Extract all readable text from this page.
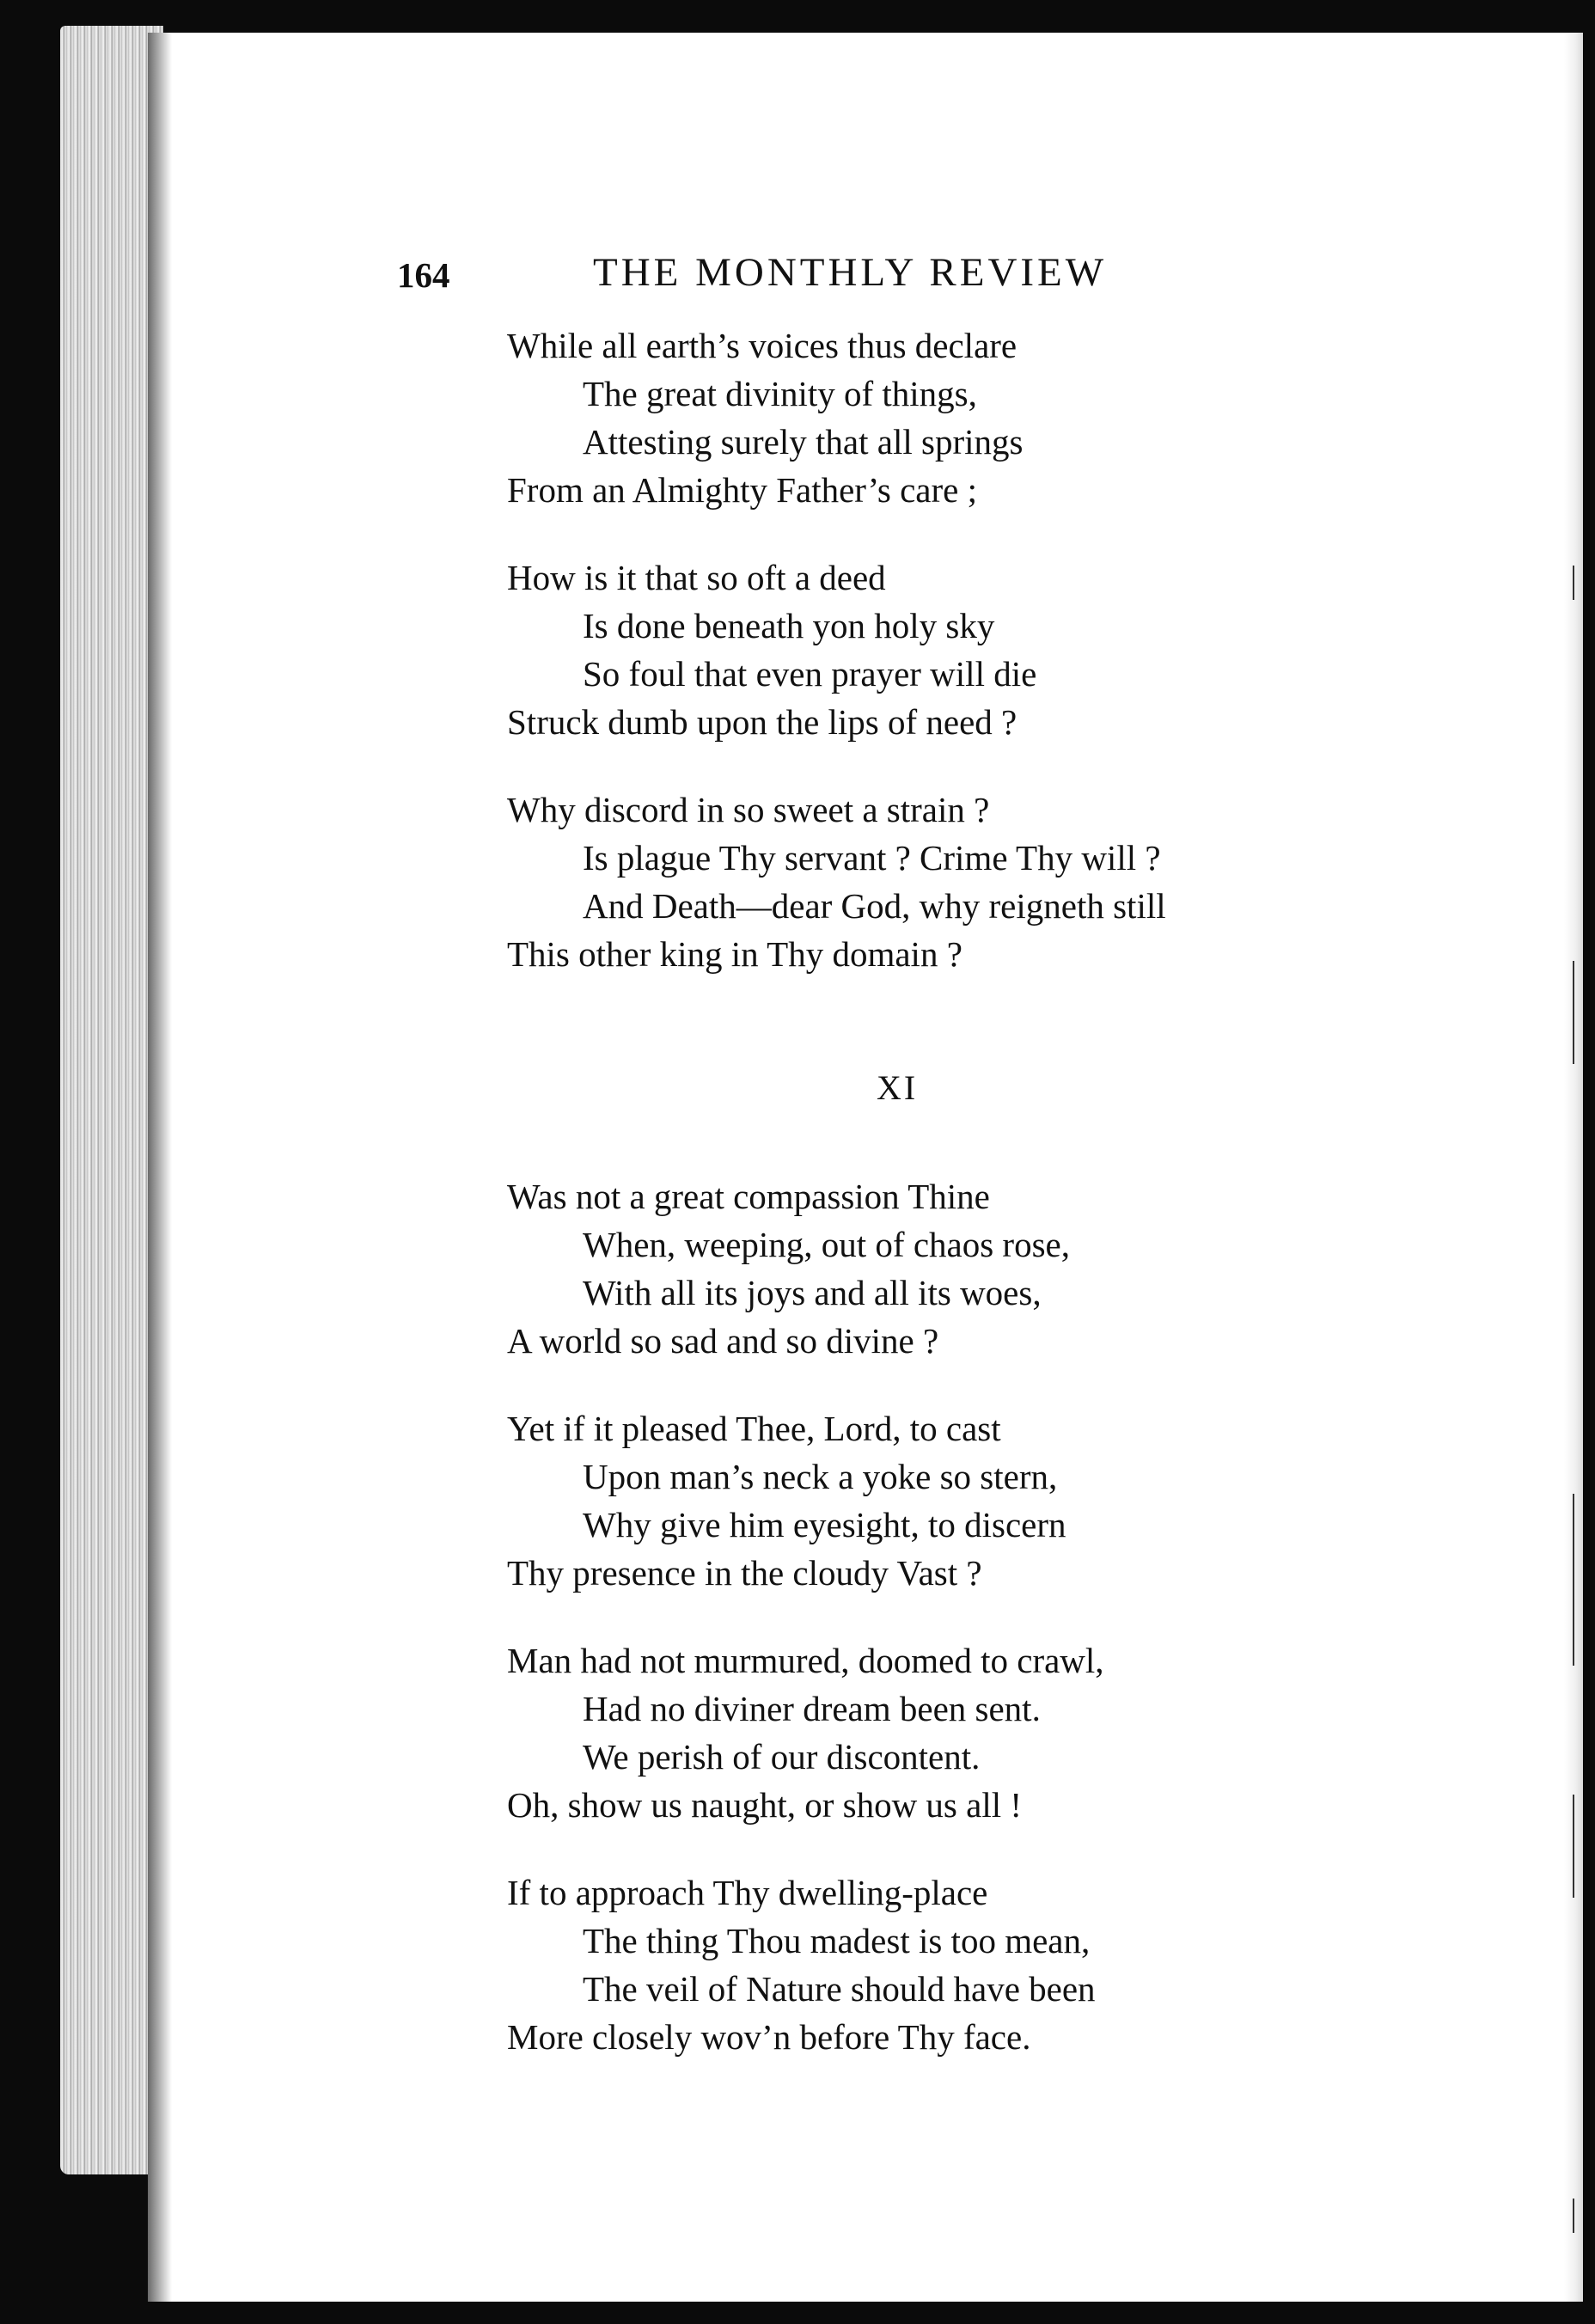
164	THE MONTHLY REVIEW
While all earth’s voices thus declare
The great divinity of things,
Attesting surely that all springs
From an Almighty Father’s care ;
How is it that so oft a deed
Is done beneath yon holy sky
So foul that even prayer will die
Struck dumb upon the lips of need ?
Why discord in so sweet a strain ?
Is plague Thy servant ? Crime Thy will ?
And Death—dear God, why reigneth still
This other king in Thy domain ?
XI
Was not a great compassion Thine
When, weeping, out of chaos rose,
With all its joys and all its woes,
A world so sad and so divine ?
Yet if it pleased Thee, Lord, to cast
Upon man’s neck a yoke so stern,
Why give him eyesight, to discern
Thy presence in the cloudy Vast ?
Man had not murmured, doomed to crawl,
Had no diviner dream been sent.
We perish of our discontent.
Oh, show us naught, or show us all !
If to approach Thy dwelling-place
The thing Thou madest is too mean,
The veil of Nature should have been
More closely wov’n before Thy face.
